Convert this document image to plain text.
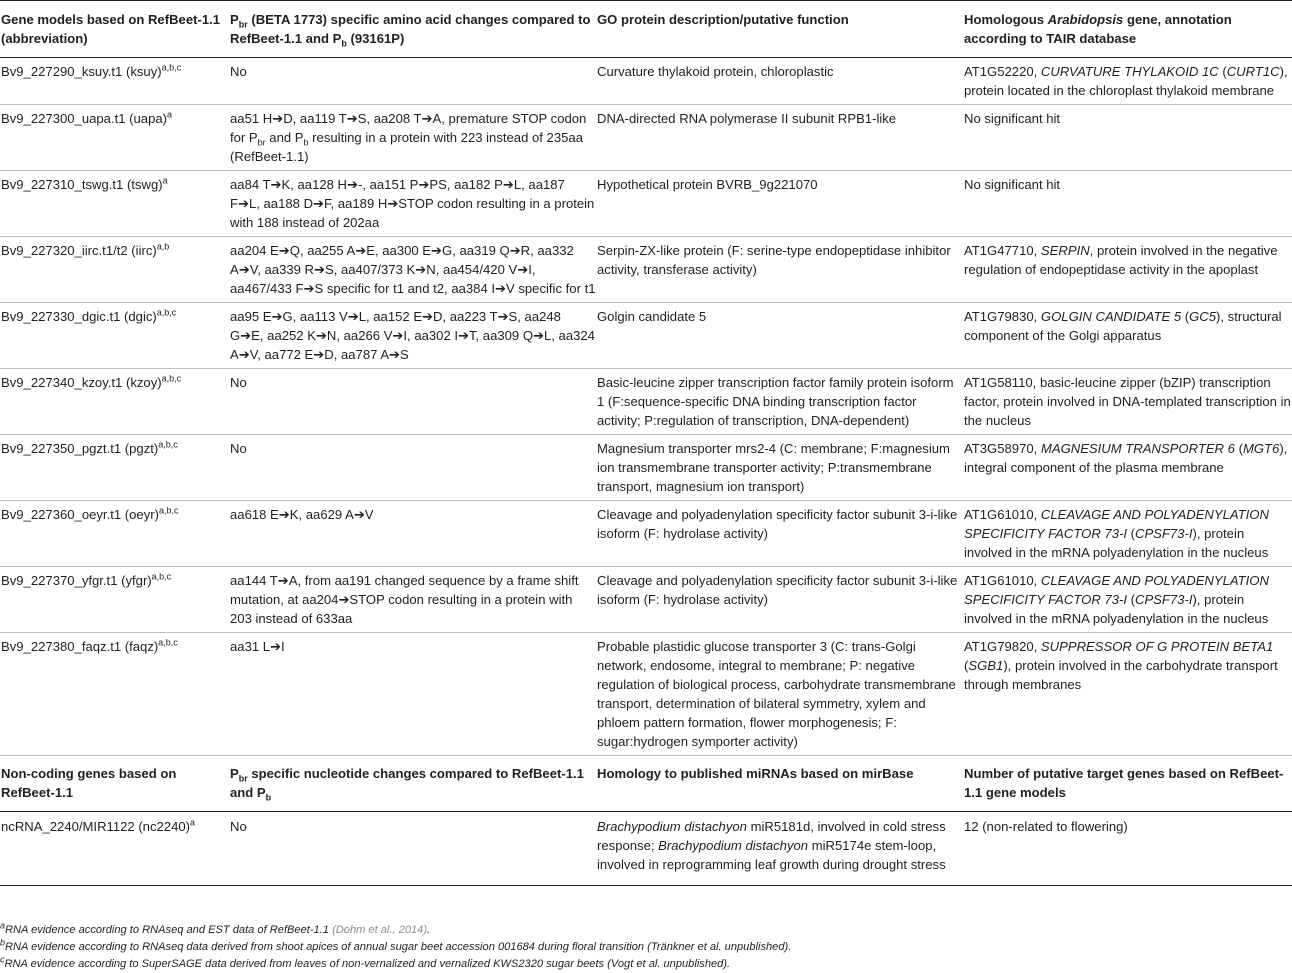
Gene models based on RefBeet-1.1 (abbreviation)	$P_{br}$ (BETA 1773) specific amino acid changes compared to RefBeet-1.1 and $P_b$ (93161P)	GO protein description/putative function	Homologous Arabidopsis gene, annotation according to TAIR database
Bv9_227290_ksuy.t1 (ksuy)$^{a,b,c}$	No	Curvature thylakoid protein, chloroplastic	AT1G52220, CURVATURE THYLAKOID 1C (CURT1C), protein located in the chloroplast thylakoid membrane
Bv9_227300_uapa.t1 (uapa)$^a$	aa51 H➔D, aa119 T➔S, aa208 T➔A, premature STOP codon for $P_{br}$ and $P_b$ resulting in a protein with 223 instead of 235aa (RefBeet-1.1)	DNA-directed RNA polymerase II subunit RPB1-like	No significant hit
Bv9_227310_tswg.t1 (tswg)$^a$	aa84 T➔K, aa128 H➔-, aa151 P➔PS, aa182 P➔L, aa187 F➔L, aa188 D➔F, aa189 H➔STOP codon resulting in a protein with 188 instead of 202aa	Hypothetical protein BVRB_9g221070	No significant hit
Bv9_227320_iirc.t1/t2 (iirc)$^{a,b}$	aa204 E➔Q, aa255 A➔E, aa300 E➔G, aa319 Q➔R, aa332 A➔V, aa339 R➔S, aa407/373 K➔N, aa454/420 V➔I, aa467/433 F➔S specific for t1 and t2, aa384 I➔V specific for t1	Serpin-ZX-like protein (F: serine-type endopeptidase inhibitor activity, transferase activity)	AT1G47710, SERPIN, protein involved in the negative regulation of endopeptidase activity in the apoplast
Bv9_227330_dgic.t1 (dgic)$^{a,b,c}$	aa95 E➔G, aa113 V➔L, aa152 E➔D, aa223 T➔S, aa248 G➔E, aa252 K➔N, aa266 V➔I, aa302 I➔T, aa309 Q➔L, aa324 A➔V, aa772 E➔D, aa787 A➔S	Golgin candidate 5	AT1G79830, GOLGIN CANDIDATE 5 (GC5), structural component of the Golgi apparatus
Bv9_227340_kzoy.t1 (kzoy)$^{a,b,c}$	No	Basic-leucine zipper transcription factor family protein isoform 1 (F:sequence-specific DNA binding transcription factor activity; P:regulation of transcription, DNA-dependent)	AT1G58110, basic-leucine zipper (bZIP) transcription factor, protein involved in DNA-templated transcription in the nucleus
Bv9_227350_pgzt.t1 (pgzt)$^{a,b,c}$	No	Magnesium transporter mrs2-4 (C: membrane; F:magnesium ion transmembrane transporter activity; P:transmembrane transport, magnesium ion transport)	AT3G58970, MAGNESIUM TRANSPORTER 6 (MGT6), integral component of the plasma membrane
Bv9_227360_oeyr.t1 (oeyr)$^{a,b,c}$	aa618 E➔K, aa629 A➔V	Cleavage and polyadenylation specificity factor subunit 3-i-like isoform (F: hydrolase activity)	AT1G61010, CLEAVAGE AND POLYADENYLATION SPECIFICITY FACTOR 73-I (CPSF73-I), protein involved in the mRNA polyadenylation in the nucleus
Bv9_227370_yfgr.t1 (yfgr)$^{a,b,c}$	aa144 T➔A, from aa191 changed sequence by a frame shift mutation, at aa204➔STOP codon resulting in a protein with 203 instead of 633aa	Cleavage and polyadenylation specificity factor subunit 3-i-like isoform (F: hydrolase activity)	AT1G61010, CLEAVAGE AND POLYADENYLATION SPECIFICITY FACTOR 73-I (CPSF73-I), protein involved in the mRNA polyadenylation in the nucleus
Bv9_227380_faqz.t1 (faqz)$^{a,b,c}$	aa31 L➔I	Probable plastidic glucose transporter 3 (C: trans-Golgi network, endosome, integral to membrane; P: negative regulation of biological process, carbohydrate transmembrane transport, determination of bilateral symmetry, xylem and phloem pattern formation, flower morphogenesis; F: sugar:hydrogen symporter activity)	AT1G79820, SUPPRESSOR OF G PROTEIN BETA1 (SGB1), protein involved in the carbohydrate transport through membranes
Non-coding genes based on RefBeet-1.1	$P_{br}$ specific nucleotide changes compared to RefBeet-1.1 and $P_b$	Homology to published miRNAs based on mirBase	Number of putative target genes based on RefBeet-1.1 gene models
ncRNA_2240/MIR1122 $(nc2240)^a$	No	Brachypodium distachyon miR5181d, involved in cold stress response; Brachypodium distachyon miR5174e stem-loop, involved in reprogramming leaf growth during drought stress	12 (non-related to flowering)
$^a$RNA evidence according to RNAseq and EST data of RefBeet-1.1 (Dohm et al., 2014).
$^b$RNA evidence according to RNAseq data derived from shoot apices of annual sugar beet accession 001684 during floral transition (Tränkner et al. unpublished).
$^c$RNA evidence according to SuperSAGE data derived from leaves of non-vernalized and vernalized KWS2320 sugar beets (Vogt et al. unpublished).
